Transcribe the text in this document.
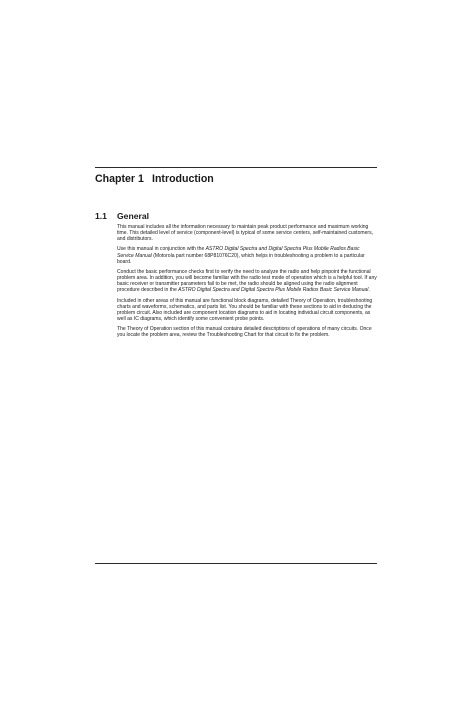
Chapter 1 Introduction
1.1 General

This manual includes all the information necessary to maintain peak product performance and maximum working time. This detailed level of service (component-level) is typical of some service centers, self-maintained customers, and distributors.

Use this manual in conjunction with the ASTRO Digital Spectra and Digital Spectra Plus Mobile Radios Basic Service Manual (Motorola part number 68P81076C20), which helps in troubleshooting a problem to a particular board.

Conduct the basic performance checks first to verify the need to analyze the radio and help pinpoint the functional problem area. In addition, you will become familiar with the radio test mode of operation which is a helpful tool. If any basic receiver or transmitter parameters fail to be met, the radio should be aligned using the radio alignment procedure described in the ASTRO Digital Spectra and Digital Spectra Plus Mobile Radios Basic Service Manual.

Included in other areas of this manual are functional block diagrams, detailed Theory of Operation, troubleshooting charts and waveforms, schematics, and parts list. You should be familiar with these sections to aid in deducing the problem circuit. Also included are component location diagrams to aid in locating individual circuit components, as well as IC diagrams, which identify some convenient probe points.

The Theory of Operation section of this manual contains detailed descriptions of operations of many circuits. Once you locate the problem area, review the Troubleshooting Chart for that circuit to fix the problem.
